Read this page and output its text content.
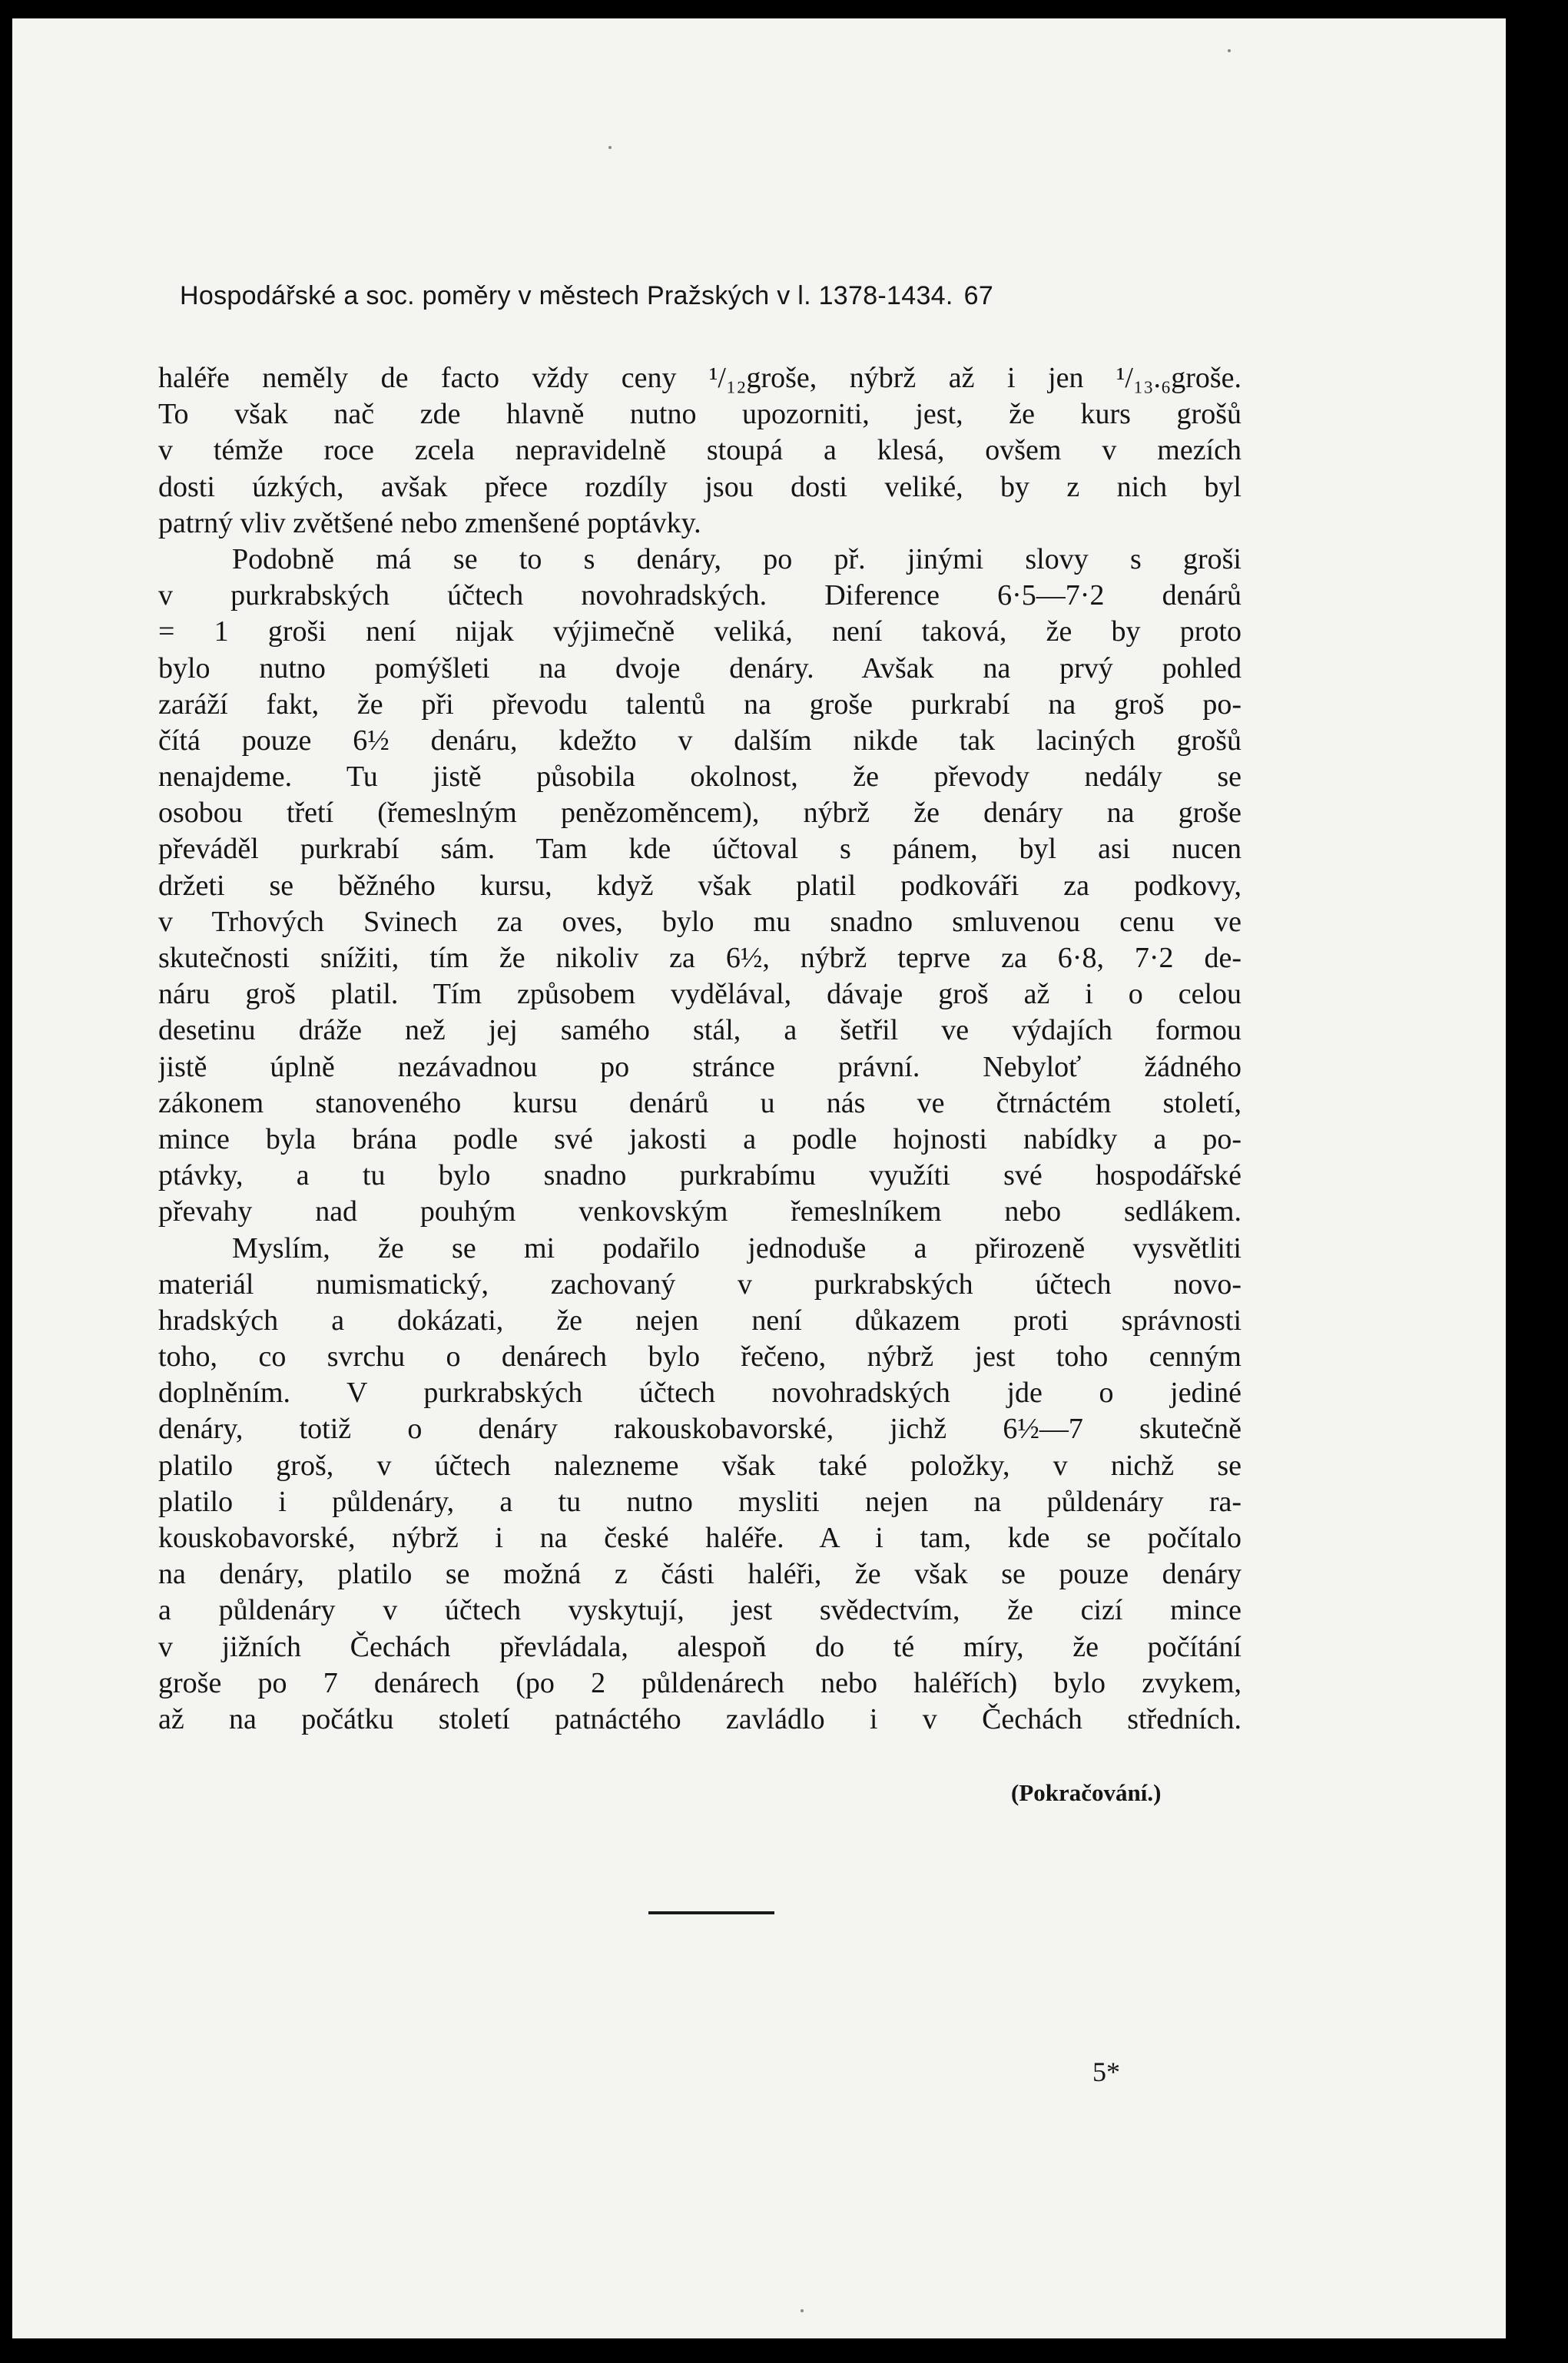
Hospodářské a soc. poměry v městech Pražských v l. 1378-1434. 67
haléře neměly de facto vždy ceny ¹/₁₂groše, nýbrž až i jen ¹/₁₃.₆groše.
To však nač zde hlavně nutno upozorniti, jest, že kurs grošů
v témže roce zcela nepravidelně stoupá a klesá, ovšem v mezích
dosti úzkých, avšak přece rozdíly jsou dosti veliké, by z nich byl
patrný vliv zvětšené nebo zmenšené poptávky.
Podobně má se to s denáry, po př. jinými slovy s groši
v purkrabských účtech novohradských. Diference 6·5—7·2 denárů
= 1 groši není nijak výjimečně veliká, není taková, že by proto
bylo nutno pomýšleti na dvoje denáry. Avšak na prvý pohled
zaráží fakt, že při převodu talentů na groše purkrabí na groš po-
čítá pouze 6½ denáru, kdežto v dalším nikde tak laciných grošů
nenajdeme. Tu jistě působila okolnost, že převody nedály se
osobou třetí (řemeslným penězoměncem), nýbrž že denáry na groše
převáděl purkrabí sám. Tam kde účtoval s pánem, byl asi nucen
držeti se běžného kursu, když však platil podkováři za podkovy,
v Trhových Svinech za oves, bylo mu snadno smluvenou cenu ve
skutečnosti snížiti, tím že nikoliv za 6½, nýbrž teprve za 6·8, 7·2 de-
náru groš platil. Tím způsobem vydělával, dávaje groš až i o celou
desetinu dráže než jej samého stál, a šetřil ve výdajích formou
jistě úplně nezávadnou po stránce právní. Nebyloť žádného
zákonem stanoveného kursu denárů u nás ve čtrnáctém století,
mince byla brána podle své jakosti a podle hojnosti nabídky a po-
ptávky, a tu bylo snadno purkrabímu využíti své hospodářské
převahy nad pouhým venkovským řemeslníkem nebo sedlákem.
Myslím, že se mi podařilo jednoduše a přirozeně vysvětliti
materiál numismatický, zachovaný v purkrabských účtech novo-
hradských a dokázati, že nejen není důkazem proti správnosti
toho, co svrchu o denárech bylo řečeno, nýbrž jest toho cenným
doplněním. V purkrabských účtech novohradských jde o jediné
denáry, totiž o denáry rakouskobavorské, jichž 6½—7 skutečně
platilo groš, v účtech nalezneme však také položky, v nichž se
platilo i půldenáry, a tu nutno mysliti nejen na půldenáry ra-
kouskobavorské, nýbrž i na české haléře. A i tam, kde se počítalo
na denáry, platilo se možná z části haléři, že však se pouze denáry
a půldenáry v účtech vyskytují, jest svědectvím, že cizí mince
v jižních Čechách převládala, alespoň do té míry, že počítání
groše po 7 denárech (po 2 půldenárech nebo haléřích) bylo zvykem,
až na počátku století patnáctého zavládlo i v Čechách středních.
(Pokračování.)
5*
